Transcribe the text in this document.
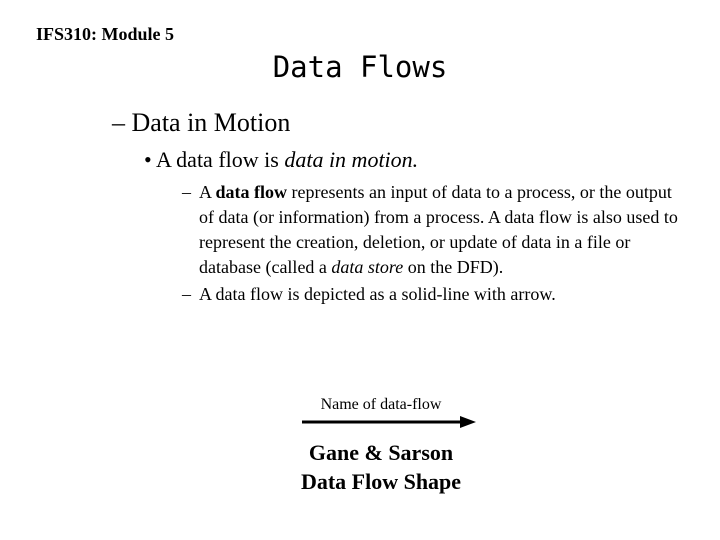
IFS310: Module 5
Data Flows
– Data in Motion
• A data flow is data in motion.
– A data flow represents an input of data to a process, or the output of data (or information) from a process. A data flow is also used to represent the creation, deletion, or update of data in a file or database (called a data store on the DFD).
– A data flow is depicted as a solid-line with arrow.
Name of data-flow
Gane & Sarson
Data Flow Shape
